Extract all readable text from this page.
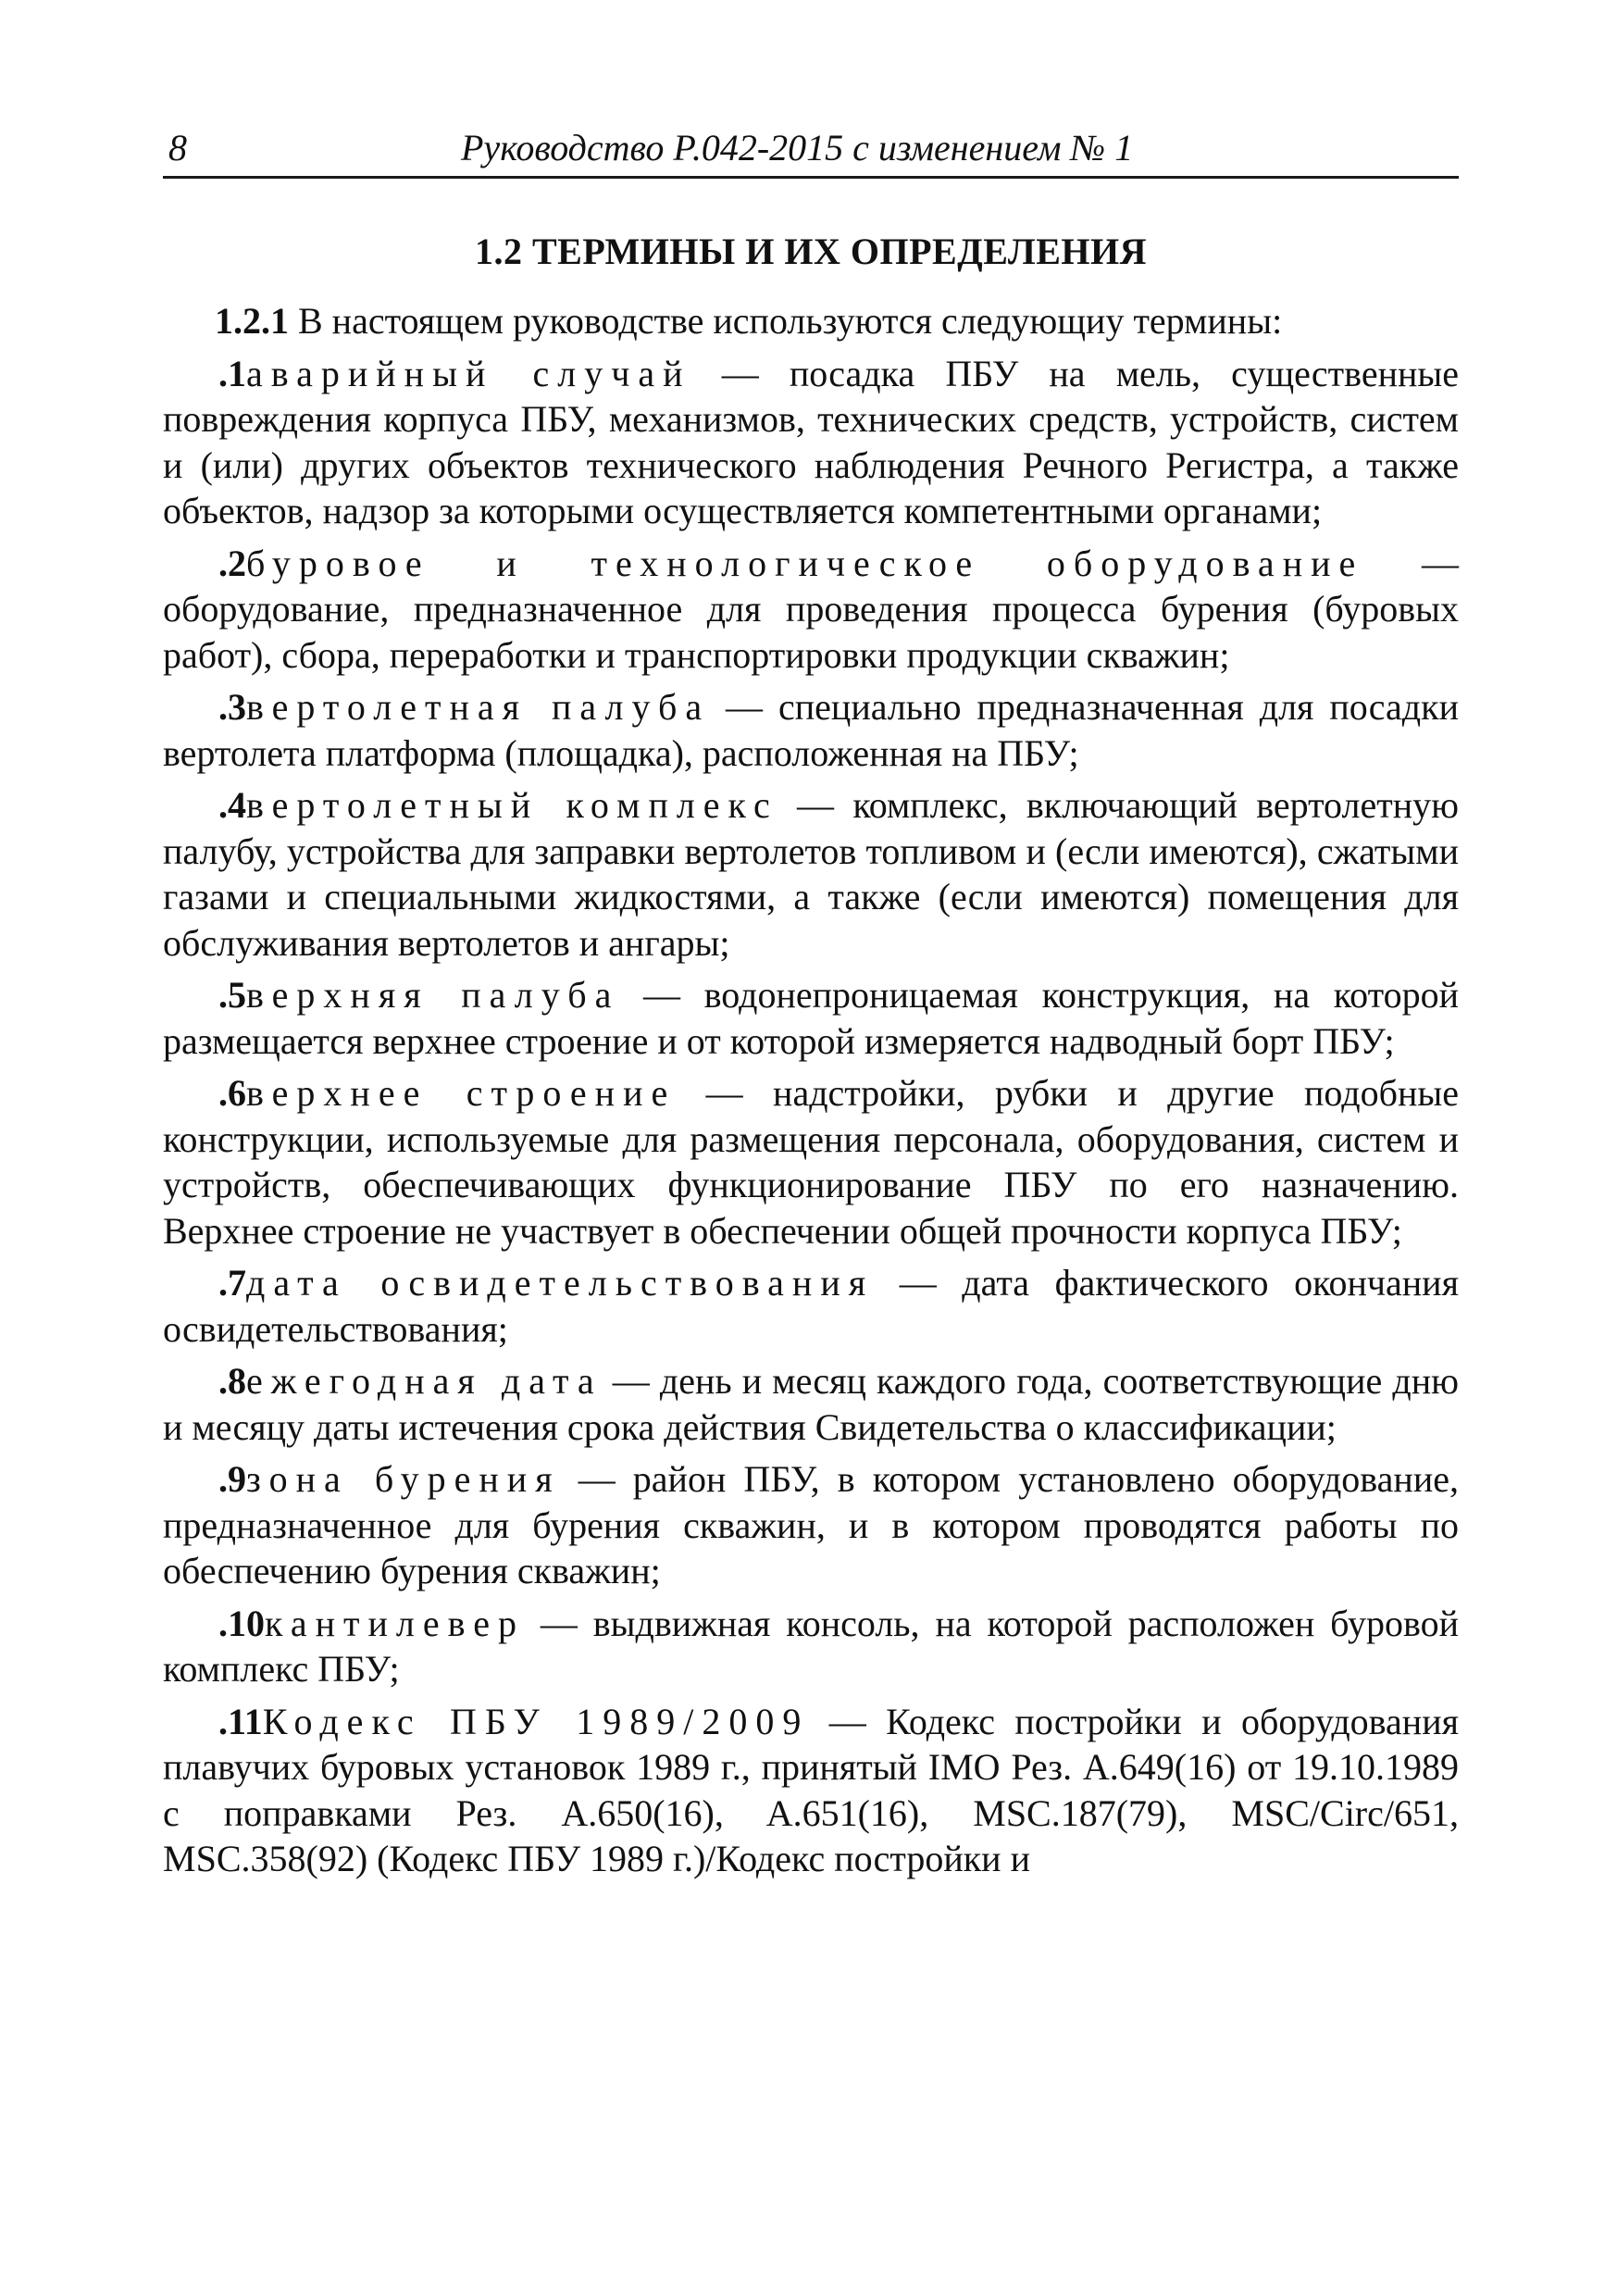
8	Руководство Р.042-2015 с изменением № 1
1.2 ТЕРМИНЫ И ИХ ОПРЕДЕЛЕНИЯ

1.2.1 В настоящем руководстве используются следующиу термины:

.1аварийный случай — посадка ПБУ на мель, существенные повреждения корпуса ПБУ, механизмов, технических средств, устройств, систем и (или) других объектов технического наблюдения Речного Регистра, а также объектов, надзор за которыми осуществляется компетентными органами;

.2буровое и технологическое оборудование — оборудование, предназначенное для проведения процесса бурения (буровых работ), сбора, переработки и транспортировки продукции скважин;

.3вертолетная палуба — специально предназначенная для посадки вертолета платформа (площадка), расположенная на ПБУ;

.4вертолетный комплекс — комплекс, включающий вертолетную палубу, устройства для заправки вертолетов топливом и (если имеются), сжатыми газами и специальными жидкостями, а также (если имеются) помещения для обслуживания вертолетов и ангары;

.5верхняя палуба — водонепроницаемая конструкция, на которой размещается верхнее строение и от которой измеряется надводный борт ПБУ;

.6верхнее строение — надстройки, рубки и другие подобные конструкции, используемые для размещения персонала, оборудования, систем и устройств, обеспечивающих функционирование ПБУ по его назначению. Верхнее строение не участвует в обеспечении общей прочности корпуса ПБУ;

.7дата освидетельствования — дата фактического окончания освидетельствования;

.8ежегодная дата — день и месяц каждого года, соответствующие дню и месяцу даты истечения срока действия Свидетельства о классификации;

.9зона бурения — район ПБУ, в котором установлено оборудование, предназначенное для бурения скважин, и в котором проводятся работы по обеспечению бурения скважин;

.10кантилевер — выдвижная консоль, на которой расположен буровой комплекс ПБУ;

.11Кодекс ПБУ 1989/2009 — Кодекс постройки и оборудования плавучих буровых установок 1989 г., принятый IMO Рез. A.649(16) от 19.10.1989 с поправками Рез. A.650(16), A.651(16), MSC.187(79), MSC/Circ/651, MSC.358(92) (Кодекс ПБУ 1989 г.)/Кодекс постройки и
